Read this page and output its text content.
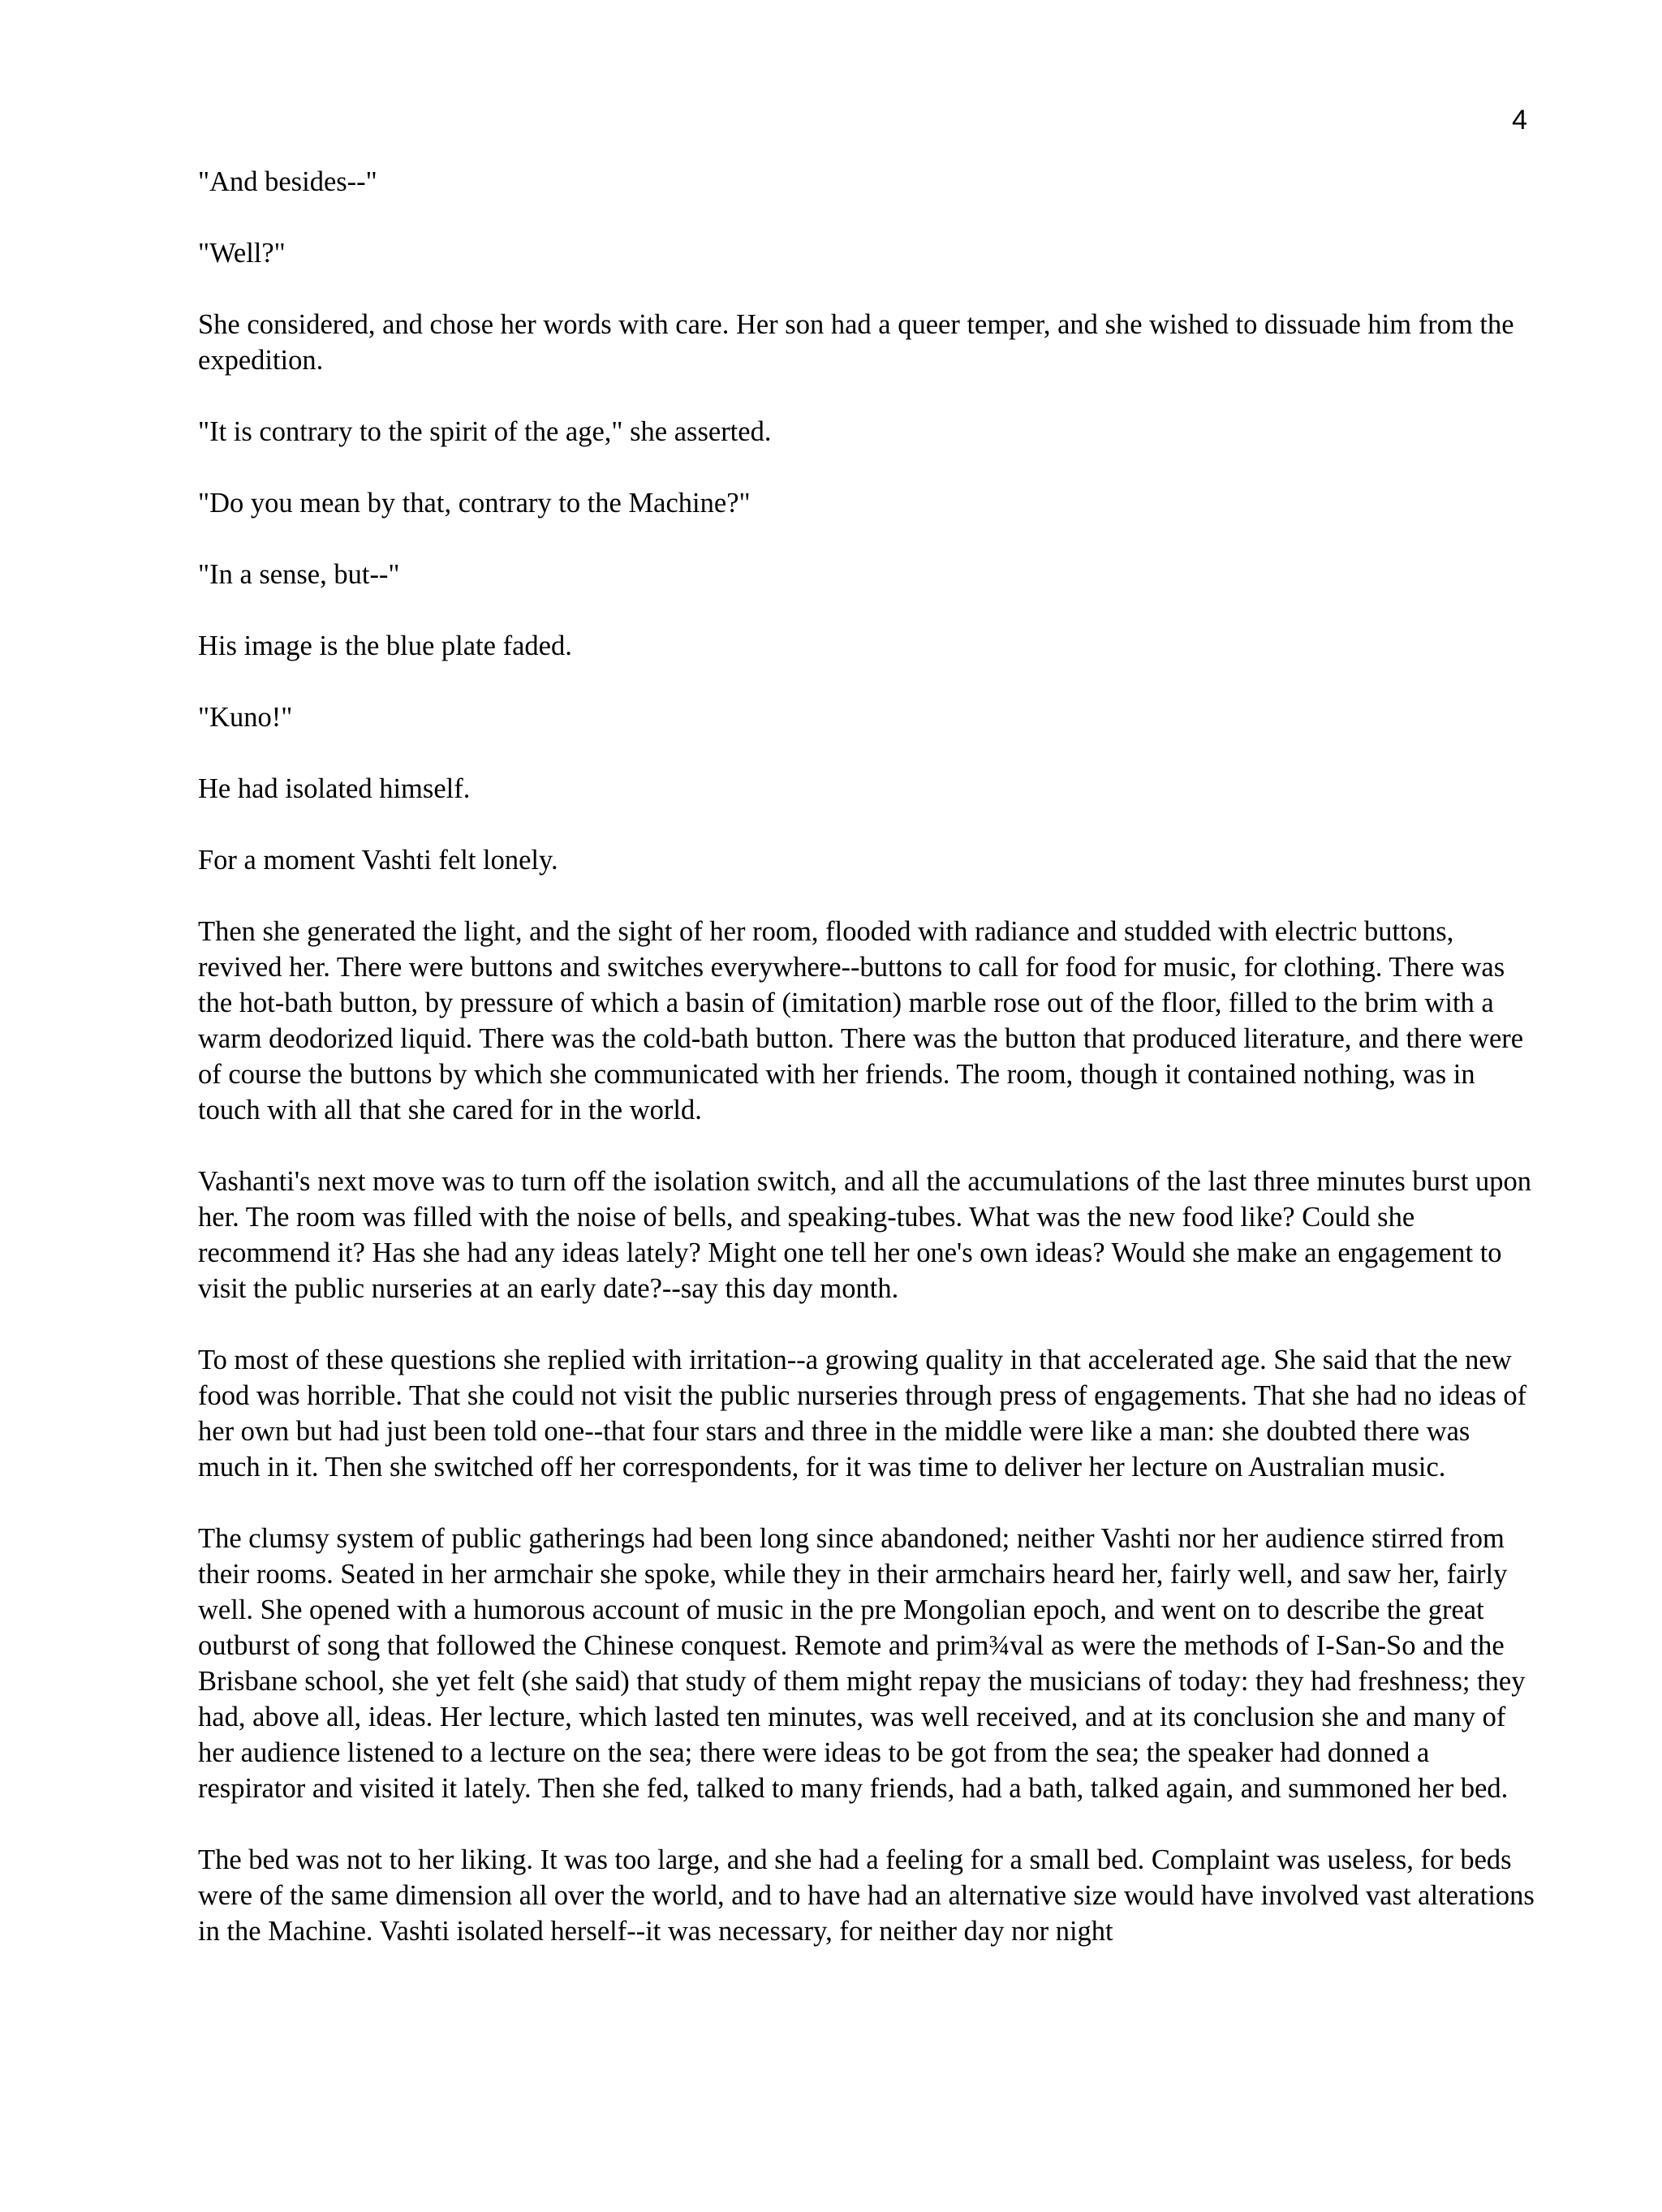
4

"And besides--"

"Well?"

She considered, and chose her words with care. Her son had a queer temper, and she wished to dissuade him from the expedition.

"It is contrary to the spirit of the age," she asserted.

"Do you mean by that, contrary to the Machine?"

"In a sense, but--"

His image is the blue plate faded.

"Kuno!"

He had isolated himself.

For a moment Vashti felt lonely.

Then she generated the light, and the sight of her room, flooded with radiance and studded with electric buttons, revived her. There were buttons and switches everywhere--buttons to call for food for music, for clothing. There was the hot-bath button, by pressure of which a basin of (imitation) marble rose out of the floor, filled to the brim with a warm deodorized liquid. There was the cold-bath button. There was the button that produced literature, and there were of course the buttons by which she communicated with her friends. The room, though it contained nothing, was in touch with all that she cared for in the world.

Vashanti's next move was to turn off the isolation switch, and all the accumulations of the last three minutes burst upon her. The room was filled with the noise of bells, and speaking-tubes. What was the new food like? Could she recommend it? Has she had any ideas lately? Might one tell her one's own ideas? Would she make an engagement to visit the public nurseries at an early date?--say this day month.

To most of these questions she replied with irritation--a growing quality in that accelerated age. She said that the new food was horrible. That she could not visit the public nurseries through press of engagements. That she had no ideas of her own but had just been told one--that four stars and three in the middle were like a man: she doubted there was much in it. Then she switched off her correspondents, for it was time to deliver her lecture on Australian music.

The clumsy system of public gatherings had been long since abandoned; neither Vashti nor her audience stirred from their rooms. Seated in her armchair she spoke, while they in their armchairs heard her, fairly well, and saw her, fairly well. She opened with a humorous account of music in the pre Mongolian epoch, and went on to describe the great outburst of song that followed the Chinese conquest. Remote and prim¾val as were the methods of I-San-So and the Brisbane school, she yet felt (she said) that study of them might repay the musicians of today: they had freshness; they had, above all, ideas. Her lecture, which lasted ten minutes, was well received, and at its conclusion she and many of her audience listened to a lecture on the sea; there were ideas to be got from the sea; the speaker had donned a respirator and visited it lately. Then she fed, talked to many friends, had a bath, talked again, and summoned her bed.

The bed was not to her liking. It was too large, and she had a feeling for a small bed. Complaint was useless, for beds were of the same dimension all over the world, and to have had an alternative size would have involved vast alterations in the Machine. Vashti isolated herself--it was necessary, for neither day nor night
